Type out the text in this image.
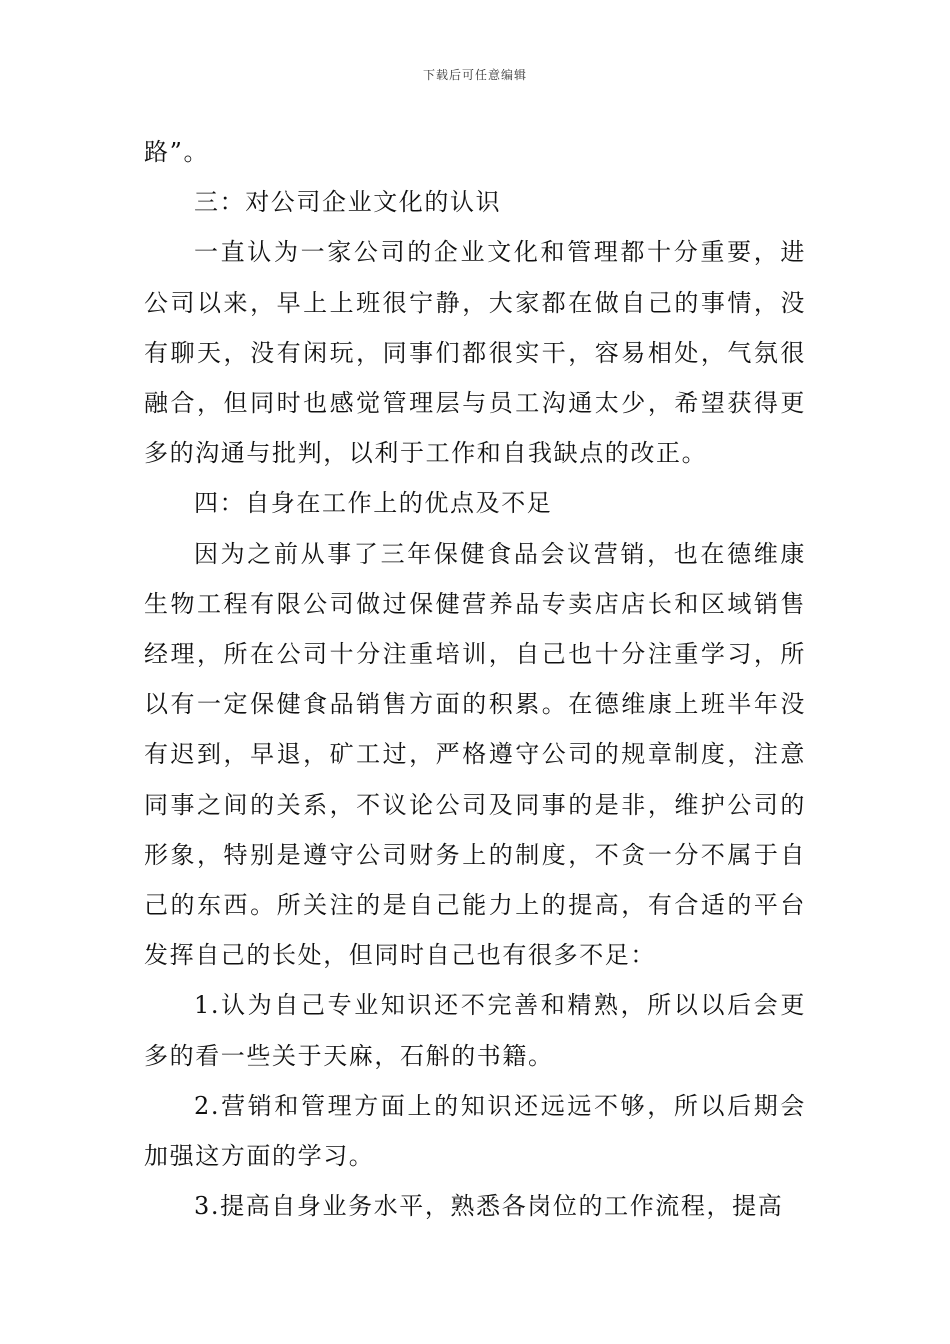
下载后可任意编辑

路”。

三：对公司企业文化的认识

一直认为一家公司的企业文化和管理都十分重要，进公司以来，早上上班很宁静，大家都在做自己的事情，没有聊天，没有闲玩，同事们都很实干，容易相处，气氛很融合，但同时也感觉管理层与员工沟通太少，希望获得更多的沟通与批判，以利于工作和自我缺点的改正。

四：自身在工作上的优点及不足

因为之前从事了三年保健食品会议营销，也在德维康生物工程有限公司做过保健营养品专卖店店长和区域销售经理，所在公司十分注重培训，自己也十分注重学习，所以有一定保健食品销售方面的积累。在德维康上班半年没有迟到，早退，矿工过，严格遵守公司的规章制度，注意同事之间的关系，不议论公司及同事的是非，维护公司的形象，特别是遵守公司财务上的制度，不贪一分不属于自己的东西。所关注的是自己能力上的提高，有合适的平台发挥自己的长处，但同时自己也有很多不足：

1.认为自己专业知识还不完善和精熟，所以以后会更多的看一些关于天麻，石斛的书籍。

2.营销和管理方面上的知识还远远不够，所以后期会加强这方面的学习。

3.提高自身业务水平，熟悉各岗位的工作流程，提高
